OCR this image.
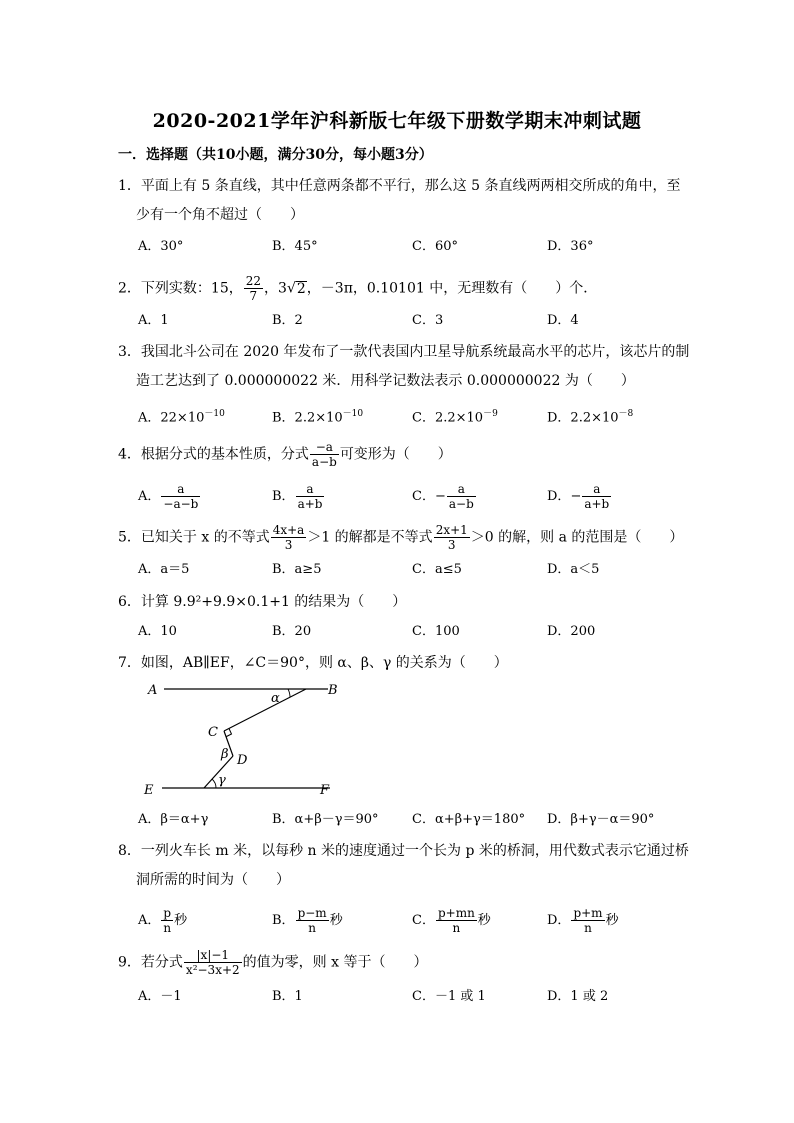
2020-2021学年沪科新版七年级下册数学期末冲刺试题
一．选择题（共10小题，满分30分，每小题3分）
1．平面上有 5 条直线，其中任意两条都不平行，那么这 5 条直线两两相交所成的角中，至
少有一个角不超过（　　）
A．30°	B．45°	C．60°	D．36°
2．下列实数：15， $\frac{22}{7}$ ，3√2，－3π，0.10101 中，无理数有（　　）个．
A．1	B．2	C．3	D．4
3．我国北斗公司在 2020 年发布了一款代表国内卫星导航系统最高水平的芯片，该芯片的制
造工艺达到了 0.000000022 米．用科学记数法表示 0.000000022 为（　　）
A．$22\times 10^{-10}$	B．$2.2\times 10^{-10}$	C．$2.2\times 10^{-9}$	D．$2.2\times 10^{-8}$
4．根据分式的基本性质，分式 $\frac{-a}{a-b}$ 可变形为（　　）
A． $\frac{a}{-a-b}$	B． $\frac{a}{a+b}$	C．− $\frac{a}{a-b}$	D．− $\frac{a}{a+b}$
5．已知关于 x 的不等式 $\frac{4x+a}{3} >1$ 的解都是不等式 $\frac{2x+1}{3} >0$ 的解，则 a 的范围是（　　）
A．a＝5	B．a≥5	C．a≤5	D．a＜5
6．计算 9.9²+9.9×0.1+1 的结果为（　　）
A．10	B．20	C．100	D．200
7．如图，AB∥EF，∠C＝90°，则 α、β、γ 的关系为（　　）
A	B
C
D
E	F
α
β
γ
A．β＝α+γ	B．α+β－γ＝90°	C．α+β+γ＝180° D．β+γ－α＝90°
8．一列火车长 m 米，以每秒 n 米的速度通过一个长为 p 米的桥洞，用代数式表示它通过桥
洞所需的时间为（　　）
A． $\frac{p}{n}$ 秒	B． $\frac{p-m}{n}$ 秒	C． $\frac{p+mn}{n}$ 秒	D． $\frac{p+m}{n}$ 秒
9．若分式 $\frac{|x|-1}{\text{x²−3x+2}}$ 的值为零，则 x 等于（　　）
A．－1	B．1	C．－1 或 1	D．1 或 2
